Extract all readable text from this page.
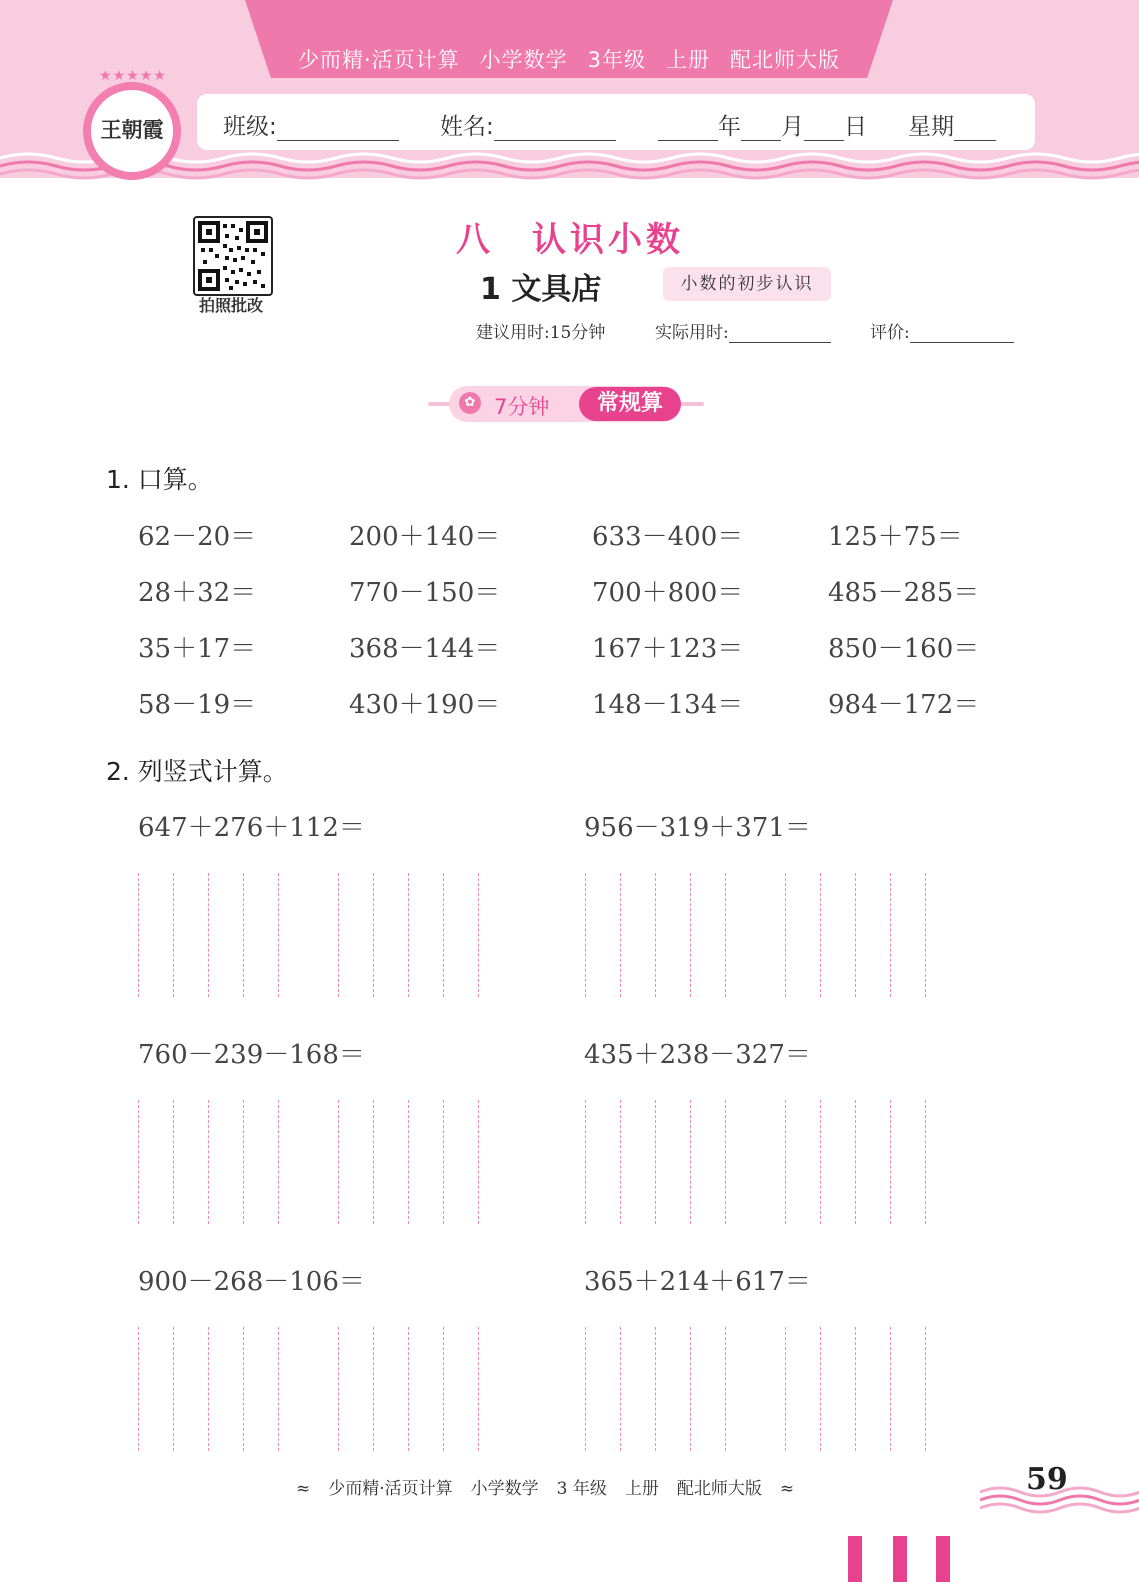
少而精·活页计算 小学数学 3年级 上册 配北师大版
班级:	姓名:	年 月 日 星期
★★★★★
王朝霞
拍照批改
八　认识小数
1 文具店	小数的初步认识
建议用时:15分钟	实际用时:	评价:
✿ 7分钟	常规算
1. 口算。
62－20＝	200＋140＝	633－400＝	125＋75＝
28＋32＝	770－150＝	700＋800＝	485－285＝
35＋17＝	368－144＝	167＋123＝	850－160＝
58－19＝	430＋190＝	148－134＝	984－172＝
2. 列竖式计算。
647＋276＋112＝	956－319＋371＝
760－239－168＝	435＋238－327＝
900－268－106＝	365＋214＋617＝
≈ 少而精·活页计算 小学数学 3 年级 上册 配北师大版 ≈	59
